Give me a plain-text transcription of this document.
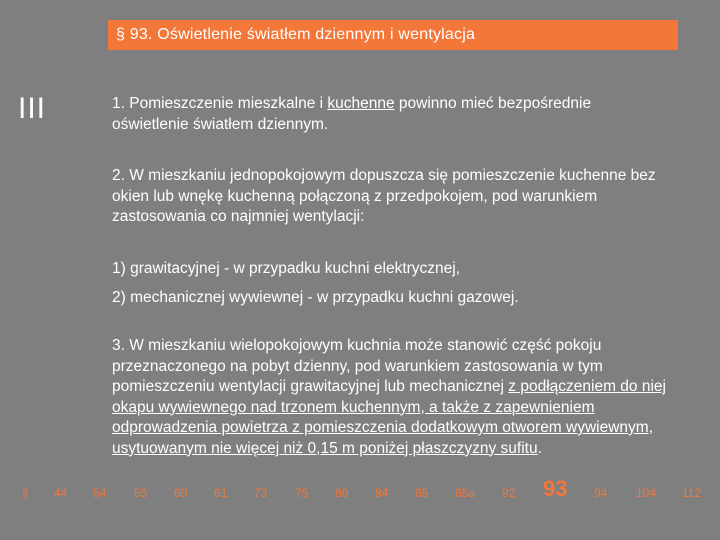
§ 93. Oświetlenie światłem dziennym i wentylacja
III	1. Pomieszczenie mieszkalne i kuchenne powinno mieć bezpośrednie oświetlenie światłem dziennym.
2. W mieszkaniu jednopokojowym dopuszcza się pomieszczenie kuchenne bez okien lub wnękę kuchenną połączoną z przedpokojem, pod warunkiem zastosowania co najmniej wentylacji:
1) grawitacyjnej - w przypadku kuchni elektrycznej,
2) mechanicznej wywiewnej - w przypadku kuchni gazowej.
3. W mieszkaniu wielopokojowym kuchnia może stanowić część pokoju przeznaczonego na pobyt dzienny, pod warunkiem zastosowania w tym pomieszczeniu wentylacji grawitacyjnej lub mechanicznej z podłączeniem do niej okapu wywiewnego nad trzonem kuchennym, a także z zapewnieniem odprowadzenia powietrza z pomieszczenia dodatkowym otworem wywiewnym, usytuowanym nie więcej niż 0,15 m poniżej płaszczyzny sufitu.
§ 44 54 55 60 61 73 75 80 84 85 85a 92 93 94 104 112
